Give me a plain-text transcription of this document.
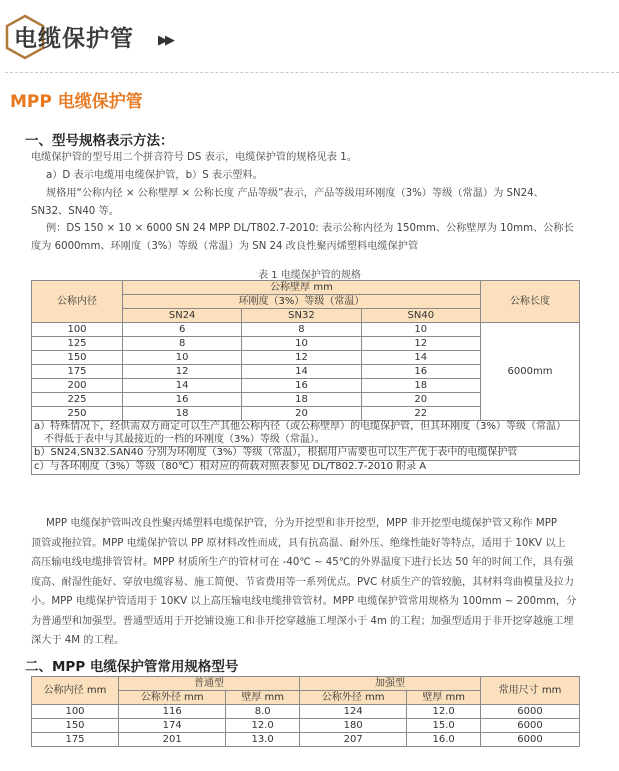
电缆保护管 ▶▶
MPP 电缆保护管
一、型号规格表示方法：
电缆保护管的型号用二个拼音符号 DS 表示，电缆保护管的规格见表 1。
a）D 表示电缆用电缆保护管，b）S 表示塑料。
规格用“公称内径 × 公称壁厚 × 公称长度 产品等级”表示，产品等级用环刚度（3%）等级（常温）为 SN24、
SN32、SN40 等。
例：DS 150 × 10 × 6000 SN 24 MPP DL/T802.7-2010: 表示公称内径为 150mm、公称壁厚为 10mm、公称长
度为 6000mm、环刚度（3%）等级（常温）为 SN 24 改良性聚丙烯塑料电缆保护管
表 1 电缆保护管的规格
公称内径	公称壁厚 mm			公称长度
	环刚度（3%）等级（常温）			
	SN24	SN32	SN40	
100	6	8	10	6000mm
125	8	10	12	
150	10	12	14	
175	12	14	16	
200	14	16	18	
225	16	18	20	
250	18	20	22	

a）特殊情况下，经供需双方商定可以生产其他公称内径（或公称壁厚）的电缆保护管，但其环刚度（3%）等级（常温）
不得低于表中与其最接近的一档的环刚度（3%）等级（常温）。				

b）SN24,SN32.SAN40 分别为环刚度（3%）等级（常温），根据用户需要也可以生产优于表中的电缆保护管				
c）与各环刚度（3%）等级（80℃）相对应的荷载对照表参见 DL/T802.7-2010 附录 A				
MPP 电缆保护管叫改良性聚丙烯塑料电缆保护管，分为开挖型和非开挖型，MPP 非开挖型电缆保护管又称作 MPP
顶管或拖拉管。MPP 电缆保护管以 PP 原材料改性而成，具有抗高温、耐外压、绝缘性能好等特点，适用于 10KV 以上
高压输电线电缆排管管材。MPP 材质所生产的管材可在 -40℃ ~ 45℃的外界温度下进行长达 50 年的时间工作，具有强
度高、耐湿性能好、穿放电缆容易、施工简便、节省费用等一系列优点。PVC 材质生产的管较脆，其材料弯曲模量及拉力
小。MPP 电缆保护管适用于 10KV 以上高压输电线电缆排管管材。MPP 电缆保护管常用规格为 100mm ~ 200mm，分
为普通型和加强型。普通型适用于开挖铺设施工和非开挖穿越施工埋深小于 4m 的工程；加强型适用于非开挖穿越施工埋
深大于 4M 的工程。
二、MPP 电缆保护管常用规格型号
公称内径 mm	普通型		加强型		常用尺寸 mm
	公称外径 mm	壁厚 mm	公称外径 mm	壁厚 mm	
100	116	8.0	124	12.0	6000
150	174	12.0	180	15.0	6000
175	201	13.0	207	16.0	6000
